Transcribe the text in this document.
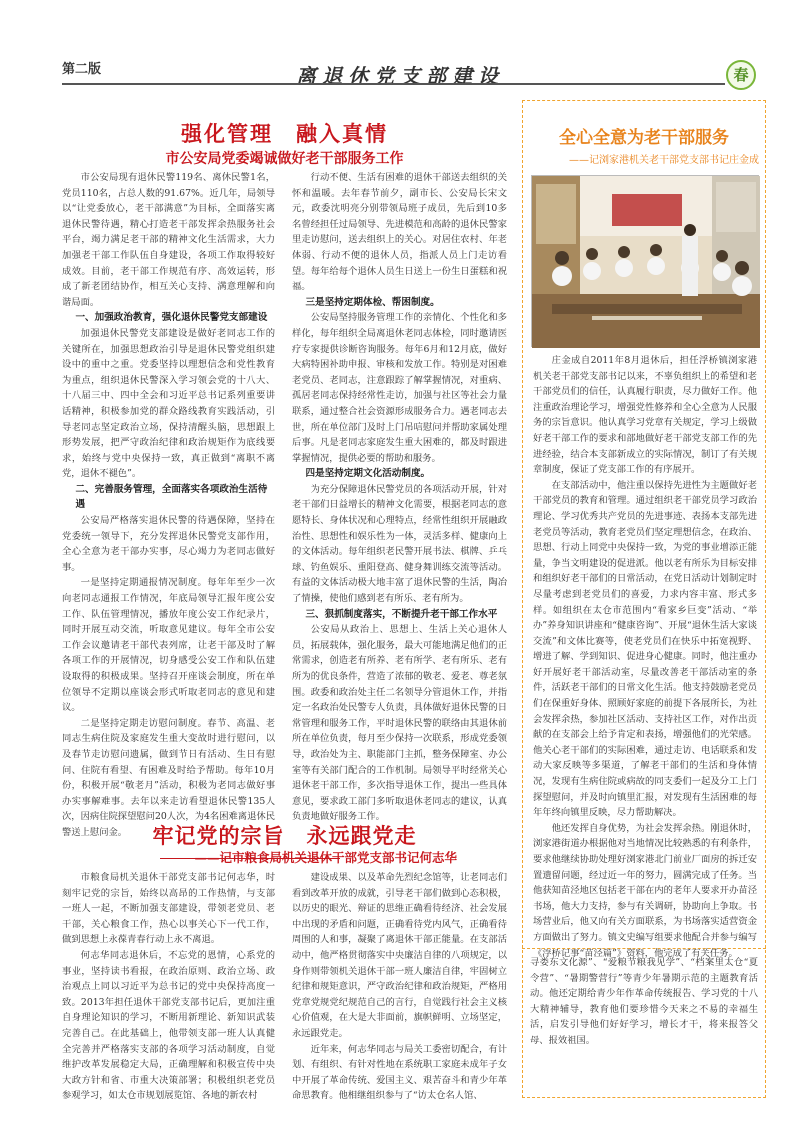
第二版	离退休党支部建设	春
强化管理　融入真情
市公安局党委竭诚做好老干部服务工作
市公安局现有退休民警119名、离休民警1名，党员110名，占总人数的91.67%。近几年，局领导以“让党委放心，老干部满意”为目标，全面落实离退休民警待遇，精心打造老干部发挥余热服务社会平台，竭力满足老干部的精神文化生活需求，大力加强老干部工作队伍自身建设，各项工作取得较好成效。目前，老干部工作规范有序、高效运转，形成了新老团结协作，相互关心支持、满意理解和向谐局面。
一、加强政治教育，强化退休民警党支部建设
加强退休民警党支部建设是做好老同志工作的关键所在，加强思想政治引导是退休民警党组织建设中的重中之重。党委坚持以理想信念和党性教育为重点，组织退休民警深入学习领会党的十八大、十八届三中、四中全会和习近平总书记系列重要讲话精神，积极参加党的群众路线教育实践活动，引导老同志坚定政治立场，保持清醒头脑，思想跟上形势发展，把严守政治纪律和政治规矩作为底线要求，始终与党中央保持一致，真正做到“离职不离党，退休不褪色”。
二、完善服务管理，全面落实各项政治生活待遇
公安局严格落实退休民警的待遇保障，坚持在党委统一领导下，充分发挥退休民警党支部作用，全心全意为老干部办实事，尽心竭力为老同志做好事。
一是坚持定期通报情况制度。每年年至少一次向老同志通报工作情况，年底局领导汇报年度公安工作、队伍管理情况，播放年度公安工作纪录片，同时开展互动交流，听取意见建议。每年全市公安工作会议邀请老干部代表列席，让老干部及时了解各项工作的开展情况，切身感受公安工作和队伍建设取得的积极成果。坚持召开座谈会制度，所在单位领导不定期以座谈会形式听取老同志的意见和建议。
二是坚持定期走访慰问制度。春节、高温、老同志生病住院及家庭发生重大变故时进行慰问，以及春节走访慰问遗属，做到节日有活动、生日有慰问、住院有看望、有困难及时给予帮助。每年10月份，积极开展“敬老月”活动，积极为老同志做好事办实事解难事。去年以来走访看望退休民警135人次，因病住院探望慰问20人次，为4名困难离退休民警送上慰问金。
行动不便、生活有困难的退休干部送去组织的关怀和温暖。去年春节前夕，副市长、公安局长宋文元，政委沈明亮分别带领局班子成员，先后到10多名曾经担任过局领导、先进模范和高龄的退休民警家里走访慰问，送去组织上的关心。对居住农村、年老体弱、行动不便的退休人员，指派人员上门走访看望。每年给每个退休人员生日送上一份生日蛋糕和祝福。
三是坚持定期体检、帮困制度。
公安局坚持服务管理工作的亲情化、个性化和多样化，每年组织全局离退休老同志体检，同时邀请医疗专家提供诊断咨询服务。每年6月和12月底，做好大病特困补助申报、审核和发放工作。特别是对困难老党员、老同志，注意跟踪了解掌握情况，对重病、孤居老同志保持经常性走访，加强与社区等社会力量联系，通过整合社会资源形成服务合力。遇老同志去世，所在单位部门及时上门吊唁慰问并帮助家属处理后事。凡是老同志家庭发生重大困难的，都及时跟进掌握情况，提供必要的帮助和服务。
四是坚持定期文化活动制度。
为充分保障退休民警党员的各项活动开展，针对老干部们日益增长的精神文化需要，根据老同志的意愿特长、身体状况和心理特点，经常性组织开展融政治性、思想性和娱乐性为一体，灵活多样、健康向上的文体活动。每年组织老民警开展书法、棋牌、乒乓球、钓鱼娱乐、重阳登高、健身舞训练交流等活动。有益的文体活动极大地丰富了退休民警的生活，陶冶了情操，使他们感到老有所乐、老有所为。
三、狠抓制度落实，不断提升老干部工作水平
公安局从政治上、思想上、生活上关心退休人员，拓展载体，强化服务，最大可能地满足他们的正常需求，创造老有所养、老有所学、老有所乐、老有所为的优良条件，营造了浓郁的敬老、爱老、尊老氛围。政委和政治处主任二名领导分管退休工作，并指定一名政治处民警专人负责，具体做好退休民警的日常管理和服务工作，平时退休民警的联络由其退休前所在单位负责，每月至少保持一次联系，形成党委领导，政治处为主、职能部门主抓，整务保障室、办公室等有关部门配合的工作机制。局领导平时经常关心退休老干部工作，多次指导退休工作，提出一些具体意见，要求政工部门多听取退休老同志的建议，认真负责地做好服务工作。
牢记党的宗旨　永远跟党走
——记市粮食局机关退休干部党支部书记何志华
市粮食局机关退休干部党支部书记何志华，时刻牢记党的宗旨，始终以高昂的工作热情，与支部一班人一起，不断加强支部建设，带领老党员、老干部，关心粮食工作，热心以事关心下一代工作，做到思想上永葆青春行动上永不离退。
何志华同志退休后，不忘党的恩情，心系党的事业，坚持读书看报，在政治原则、政治立场、政治观点上同以习近平为总书记的党中央保持高度一致。2013年担任退休干部党支部书记后，更加注重自身理论知识的学习，不断用新理论、新知识武装完善自己。在此基础上，他带领支部一班人认真健全完善并严格落实支部的各项学习活动制度，自觉维护改革发展稳定大局，正确理解和积极宣传中央大政方针和省、市重大决策部署；积极组织老党员参观学习，如太仓市规划展览馆、各地的新农村
建设成果、以及革命先烈纪念馆等，让老同志们看到改革开放的成就，引导老干部们做到心态积极，以历史的眼光、辩证的思维正确看待经济、社会发展中出现的矛盾和问题，正确看待党内风气，正确看待周围的人和事，凝聚了离退休干部正能量。在支部活动中，他严格贯彻落实中央廉洁自律的八项规定，以身作则带领机关退休干部一班人廉洁自律，牢固树立纪律和规矩意识，严守政治纪律和政治规矩，严格用党章党规党纪规范自己的言行，自觉践行社会主义核心价值观，在大是大非面前，旗帜鲜明、立场坚定，永远跟党走。
近年来，何志华同志与局关工委密切配合，有计划、有组织、有针对性地在系统职工家庭未成年子女中开展了革命传统、爱国主义、艰苦奋斗和青少年革命思教育。他相继组织参与了“访太仓名人馆、
全心全意为老干部服务
——记浏家港机关老干部党支部书记庄金成
庄金成自2011年8月退休后，担任浮桥镇浏家港机关老干部党支部书记以来，不辜负组织上的希望和老干部党员们的信任，认真履行职责，尽力做好工作。他注重政治理论学习，增强党性修养和全心全意为人民服务的宗旨意识。他认真学习党章有关规定，学习上级做好老干部工作的要求和部地做好老干部党支部工作的先进经验，结合本支部新成立的实际情况，制订了有关规章制度，保证了党支部工作的有序展开。
在支部活动中，他注重以保持先进性为主题做好老干部党员的教育和管理。通过组织老干部党员学习政治理论、学习优秀共产党员的先进事迹、表扬本支部先进老党员等活动，教育老党员们坚定理想信念，在政治、思想、行动上同党中央保持一致，为党的事业增添正能量，争当文明建设的促进派。他以老有所乐为目标安排和组织好老干部们的日常活动，在党日活动计划制定时尽量考虑到老党员们的喜爱，力求内容丰富、形式多样。如组织在太仓市范围内“看家乡巨变”活动、“举办”养身知识讲座和“健康咨询”、开展“退休生活大家谈交流”和文体比赛等，使老党员们在快乐中拓宽视野、增进了解、学到知识、促进身心健康。同时，他注重办好开展好老干部活动室，尽量改善老干部活动室的条件，活跃老干部们的日常文化生活。他支持鼓励老党员们在保重好身体、照顾好家庭的前提下各展所长，为社会发挥余热，参加社区活动、支持社区工作，对作出贡献的在支部会上给予肯定和表扬，增强他们的光荣感。他关心老干部们的实际困难，通过走访、电话联系和发动大家反映等多渠道，了解老干部们的生活和身体情况，发现有生病住院或病故的同支委们一起及分工上门探望慰问，并及时向镇里汇报，对发现有生活困难的每年年终向镇里反映，尽力帮助解决。
他还发挥自身优势，为社会发挥余热。刚退休时，浏家港街道办根据他对当地情况比较熟悉的有利条件，要求他继续协助处理好浏家港北门前业厂面房的拆迁安置遗留问题，经过近一年的努力，圆满完成了任务。当他获知苗泾地区包括老干部在内的老年人要求开办苗泾书场，他大力支持，参与有关调研，协助向上争取。书场营业后，他又向有关方面联系，为书场落实适营资金方面做出了努力。镇文史编写组要求他配合并参与编写《浮桥记事“苗泾篇”》资料，他完成了有关任务。
寻娄东文化源”、“爱粮节粮我见学”、“档案里太仓“夏令营”、“暑期警营行”等青少年暑期示范的主题教育活动。他还定期给青少年作革命传统报告、学习党的十八大精神辅导，教育他们要珍惜今天来之不易的幸福生活，启发引导他们好好学习，增长才干，将来报答父母、报效祖国。
